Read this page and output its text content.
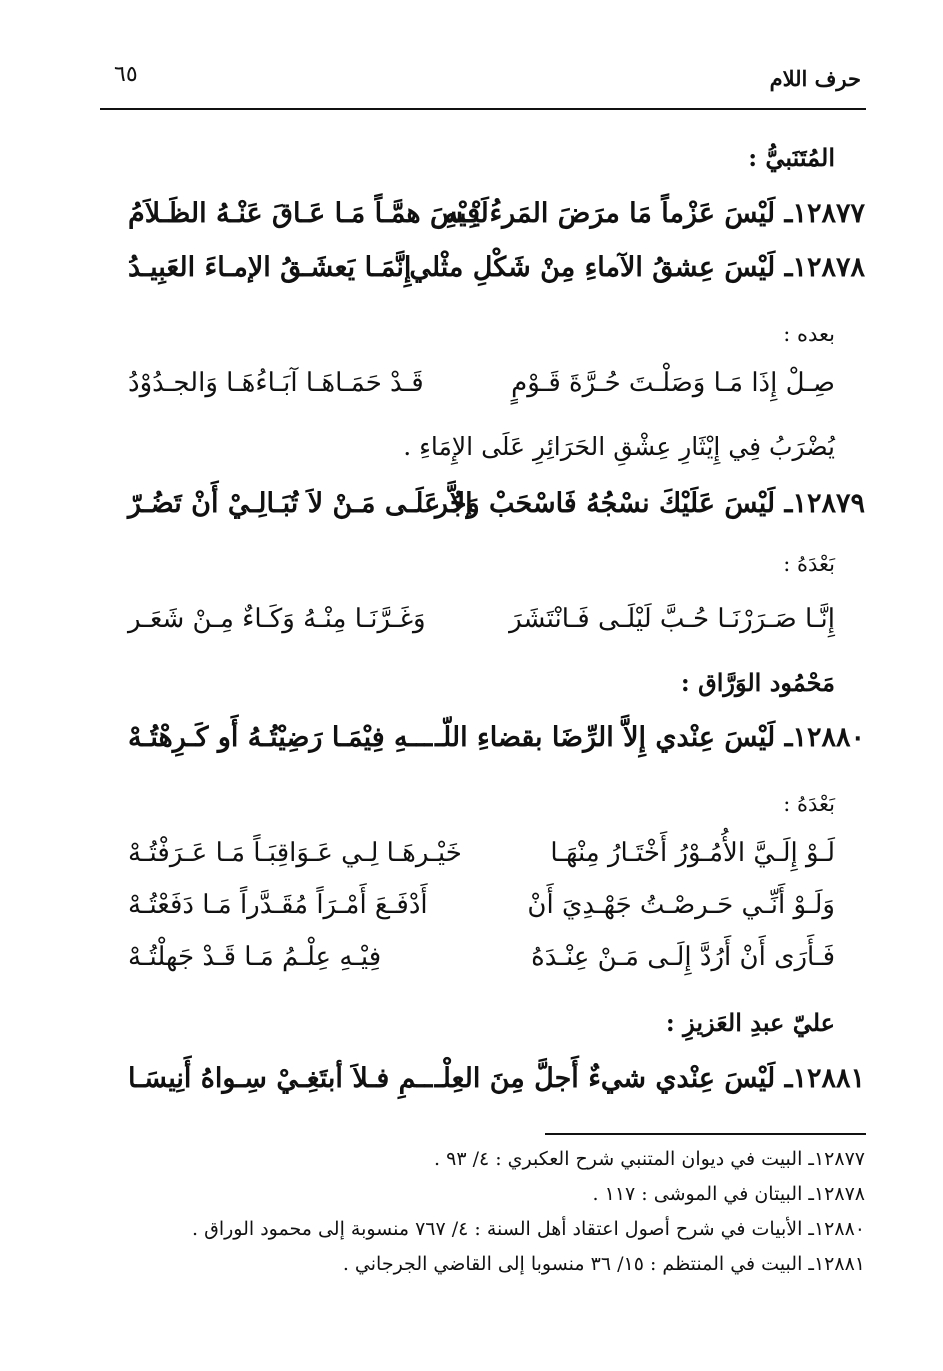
حرف اللام
٦٥
المُتَنَبيُّ :
١٢٨٧٧ـ لَيْسَ عَزْماً مَا مرَضَ المَرءُ فِيْهِ
لَيْـسَ همَّـاً مَـا عَـاقَ عَنْـهُ الظَـلاَمُ
١٢٨٧٨ـ لَيْسَ عِشقُ الآماءِ مِنْ شَكْلِ مثْلي
إِنَّمَـا يَعشَـقُ الإمـاءَ العَبِيـدُ
بعده :
صِـلْ إِذَا مَـا وَصَلْـتَ حُـرَّةَ قَـوْمٍ
قَـدْ حَمَـاهَـا آبَـاءُهَـا وَالجـدُوْدُ
يُضْرَبُ فِي إِيْثَارِ عِشْقِ الحَرَائِرِ عَلَى الإِمَاءِ .
١٢٨٧٩ـ لَيْسَ عَلَيْكَ نسْجُهُ فَاسْحَبْ وَجُر
إلاَّ عَلَـى مَـنْ لاَ تُبَـالِـيْ أَنْ تَضُـرّ
بَعْدَهُ :
إِنَّـا صَـرَرْنَـا حُـبَّ لَيْلَـى فَـانْتَشَرَ
وَغَـرَّنَـا مِنْـهُ وَكَـاءٌ مِـنْ شَعَـر
مَحْمُود الوَرَّاق :
١٢٨٨٠ـ لَيْسَ عِنْدي إِلاَّ الرِّضَا بقضاءِ اللّـ
ـــهِ فِيْمَـا رَضِيْتُـهُ أَو كَـرِهْتُـهْ
بَعْدَهُ :
لَـوْ إِلَـيَّ الأُمُـوْرُ أَخْتَـارُ مِنْهَـا
خَيْـرهَـا لِـي عَـوَاقِبَـاً مَـا عَـرَفْتُـهْ
وَلَـوْ أَنِّـي حَـرصْـتُ جَهْـدِيَ أَنْ
أَدْفَـعَ أَمْـرَاً مُقَـدَّراً مَـا دَفَعْتُـهْ
فَـأَرَى أَنْ أَرُدَّ إِلَـى مَـنْ عِنْـدَهُ
فِيْـهِ عِلْـمُ مَـا قَـدْ جَهلْتُـهْ
عليّ عبدِ العَزيزِ :
١٢٨٨١ـ لَيْسَ عِنْدي شيءٌ أَجلَّ مِنَ العِلْـ
ــمِ فـلاَ أبتَغِـيْ سِـواهُ أَنِيسَـا
١٢٨٧٧ـ البيت في ديوان المتنبي شرح العكبري : ٤/ ٩٣ .
١٢٨٧٨ـ البيتان في الموشى : ١١٧ .
١٢٨٨٠ـ الأبيات في شرح أصول اعتقاد أهل السنة : ٤/ ٧٦٧ منسوبة إلى محمود الوراق .
١٢٨٨١ـ البيت في المنتظم : ١٥/ ٣٦ منسوبا إلى القاضي الجرجاني .
